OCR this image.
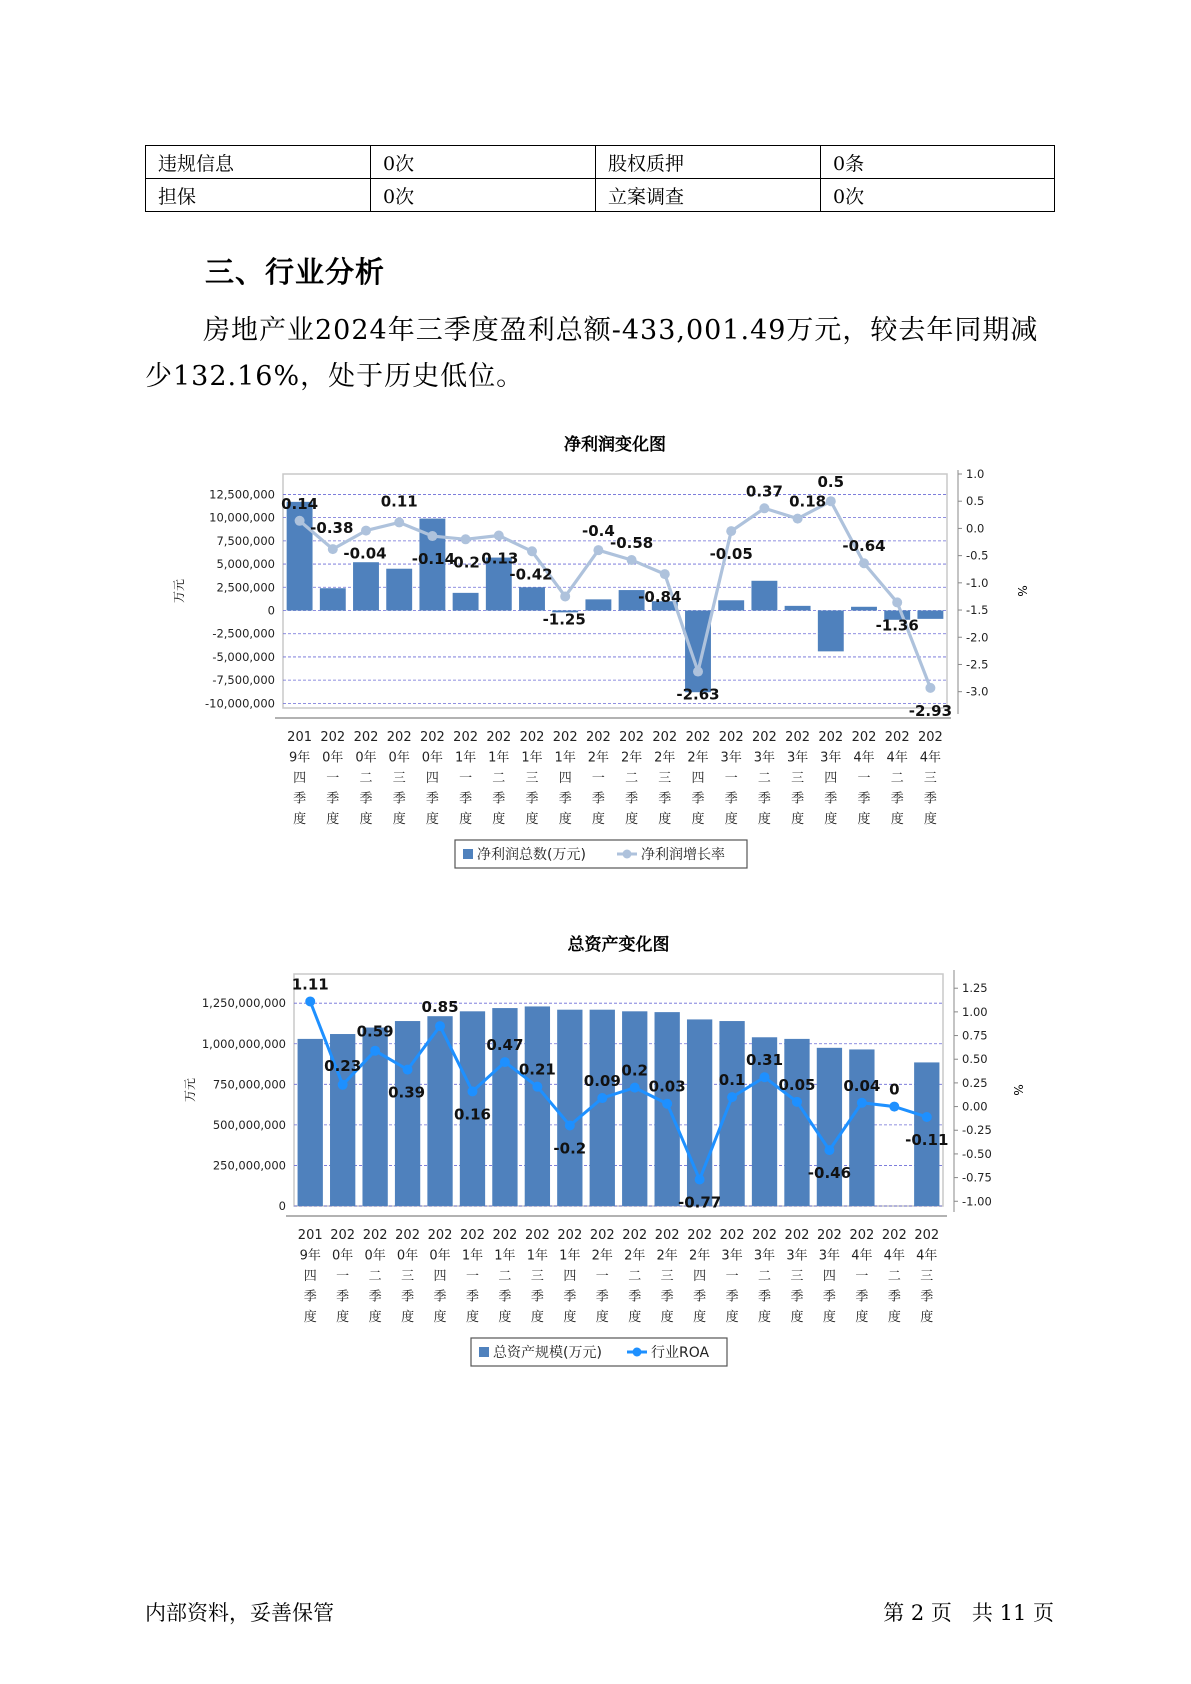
违规信息	0次	股权质押	0条
担保	0次	立案调查	0次
三、行业分析
房地产业2024年三季度盈利总额-433,001.49万元，较去年同期减少132.16%，处于历史低位。
净利润变化图
12,500,000
10,000,000
7,500,000
5,000,000
2,500,000
0
-2,500,000
-5,000,000
-7,500,000
-10,000,000
1.0
0.5
0.0
-0.5
-1.0
-1.5
-2.0
-2.5
-3.0
万元	%
0.14
-0.38
-0.04
0.11
-0.14
0.2 0.13
-0.42
-1.25
-0.4
-0.58
-0.84
-2.63
-0.05
0.37
0.18
0.5
-0.64
-1.36
-2.93
201
9年
四
季
度
202
0年
一
季
度
202
0年
二
季
度
202
0年
三
季
度
202
0年
四
季
度
202
1年
一
季
度
202
1年
二
季
度
202
1年
三
季
度
202
1年
四
季
度
202
2年
一
季
度
202
2年
二
季
度
202
2年
三
季
度
202
2年
四
季
度
202
3年
一
季
度
202
3年
二
季
度
202
3年
三
季
度
202
3年
四
季
度
202
4年
一
季
度
202
4年
二
季
度
202
4年
三
季
度
净利润总数(万元)	净利润增长率
总资产变化图
1,250,000,000
1,000,000,000
750,000,000
500,000,000
250,000,000
0
1.25
1.00
0.75
0.50
0.25
0.00
-0.25
-0.50
-0.75
-1.00
万元	%
1.11
0.23
0.59
0.39
0.85
0.16
0.47
0.21
-0.2
0.09
0.2
0.03
-0.77
0.1
0.31
0.05
-0.46
0.04 0
-0.11
201
9年
四
季
度
202
0年
一
季
度
202
0年
二
季
度
202
0年
三
季
度
202
0年
四
季
度
202
1年
一
季
度
202
1年
二
季
度
202
1年
三
季
度
202
1年
四
季
度
202
2年
一
季
度
202
2年
二
季
度
202
2年
三
季
度
202
2年
四
季
度
202
3年
一
季
度
202
3年
二
季
度
202
3年
三
季
度
202
3年
四
季
度
202
4年
一
季
度
202
4年
二
季
度
202
4年
三
季
度
总资产规模(万元)	行业ROA
内部资料，妥善保管	第 2 页   共 11 页
